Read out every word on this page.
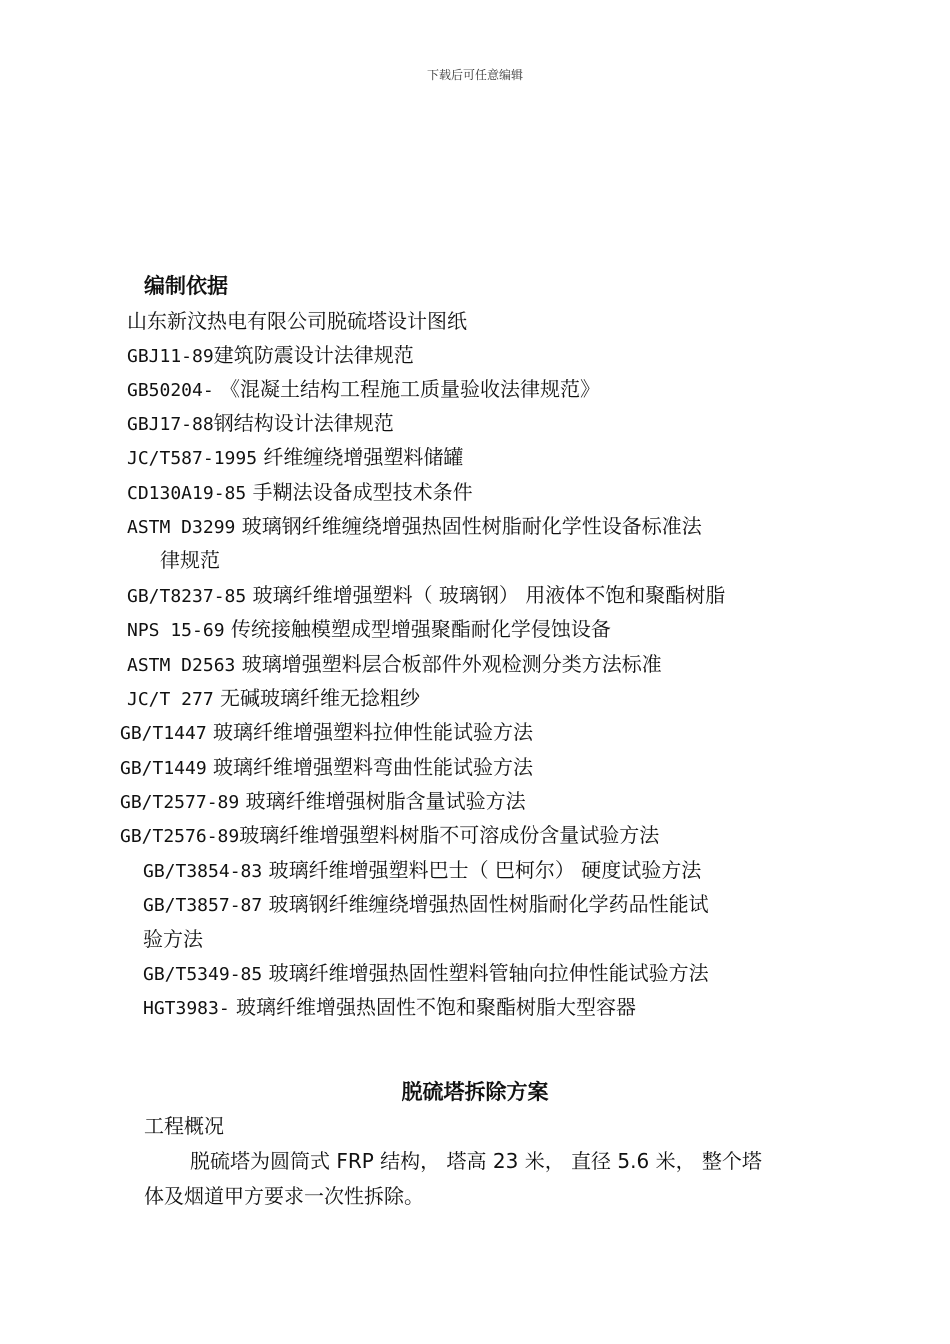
下载后可任意编辑
编制依据
山东新汶热电有限公司脱硫塔设计图纸
GBJ11-89建筑防震设计法律规范
GB50204- 《混凝土结构工程施工质量验收法律规范》
GBJ17-88钢结构设计法律规范
JC/T587-1995 纤维缠绕增强塑料储罐
CD130A19-85 手糊法设备成型技术条件
ASTM D3299 玻璃钢纤维缠绕增强热固性树脂耐化学性设备标准法
律规范
GB/T8237-85 玻璃纤维增强塑料（ 玻璃钢） 用液体不饱和聚酯树脂
NPS 15-69 传统接触模塑成型增强聚酯耐化学侵蚀设备
ASTM D2563 玻璃增强塑料层合板部件外观检测分类方法标准
JC/T 277 无碱玻璃纤维无捻粗纱
GB/T1447 玻璃纤维增强塑料拉伸性能试验方法
GB/T1449 玻璃纤维增强塑料弯曲性能试验方法
GB/T2577-89 玻璃纤维增强树脂含量试验方法
GB/T2576-89玻璃纤维增强塑料树脂不可溶成份含量试验方法
GB/T3854-83 玻璃纤维增强塑料巴士（ 巴柯尔） 硬度试验方法
GB/T3857-87 玻璃钢纤维缠绕增强热固性树脂耐化学药品性能试
验方法
GB/T5349-85 玻璃纤维增强热固性塑料管轴向拉伸性能试验方法
HGT3983- 玻璃纤维增强热固性不饱和聚酯树脂大型容器
脱硫塔拆除方案
工程概况
脱硫塔为圆筒式 FRP 结构， 塔高 23 米， 直径 5.6 米， 整个塔
体及烟道甲方要求一次性拆除。
